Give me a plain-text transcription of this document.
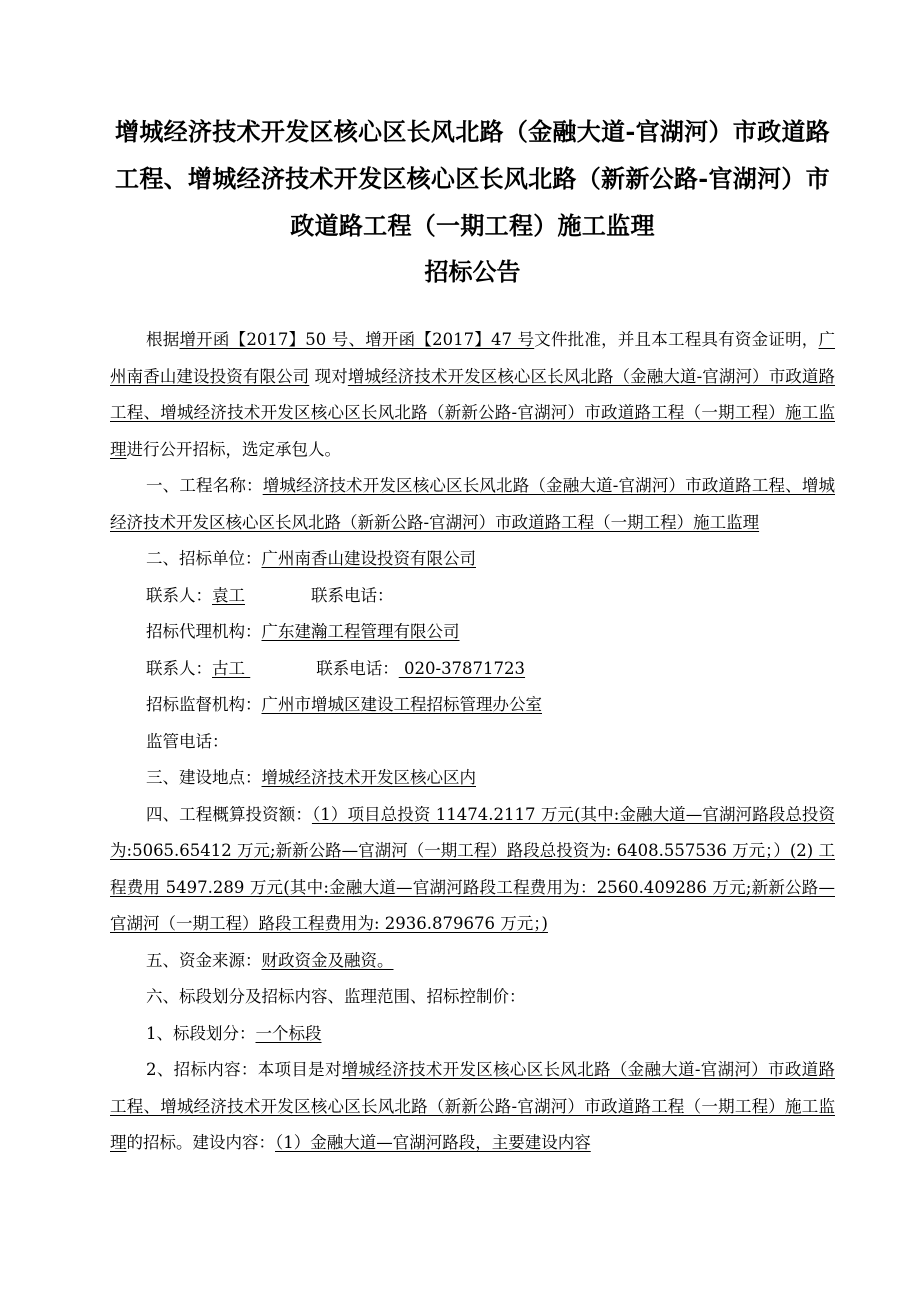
增城经济技术开发区核心区长风北路（金融大道-官湖河）市政道路
工程、增城经济技术开发区核心区长风北路（新新公路-官湖河）市
政道路工程（一期工程）施工监理
招标公告

根据增开函【2017】50 号、增开函【2017】47 号文件批准，并且本工程具有资金证明，广州南香山建设投资有限公司 现对增城经济技术开发区核心区长风北路（金融大道-官湖河）市政道路工程、增城经济技术开发区核心区长风北路（新新公路-官湖河）市政道路工程（一期工程）施工监理进行公开招标，选定承包人。

一、工程名称：增城经济技术开发区核心区长风北路（金融大道-官湖河）市政道路工程、增城经济技术开发区核心区长风北路（新新公路-官湖河）市政道路工程（一期工程）施工监理

二、招标单位：广州南香山建设投资有限公司

联系人：袁工	联系电话：

招标代理机构：广东建瀚工程管理有限公司

联系人：古工	联系电话： 020-37871723

招标监督机构：广州市增城区建设工程招标管理办公室

监管电话：

三、建设地点：增城经济技术开发区核心区内

四、工程概算投资额：（1）项目总投资 11474.2117 万元(其中:金融大道—官湖河路段总投资为:5065.65412 万元;新新公路—官湖河（一期工程）路段总投资为: 6408.557536 万元；）(2) 工程费用 5497.289 万元(其中:金融大道—官湖河路段工程费用为：2560.409286 万元;新新公路—官湖河（一期工程）路段工程费用为: 2936.879676 万元；)

五、资金来源：财政资金及融资。

六、标段划分及招标内容、监理范围、招标控制价：

1、标段划分：一个标段

2、招标内容：本项目是对增城经济技术开发区核心区长风北路（金融大道-官湖河）市政道路工程、增城经济技术开发区核心区长风北路（新新公路-官湖河）市政道路工程（一期工程）施工监理的招标。建设内容：（1）金融大道—官湖河路段，主要建设内容
